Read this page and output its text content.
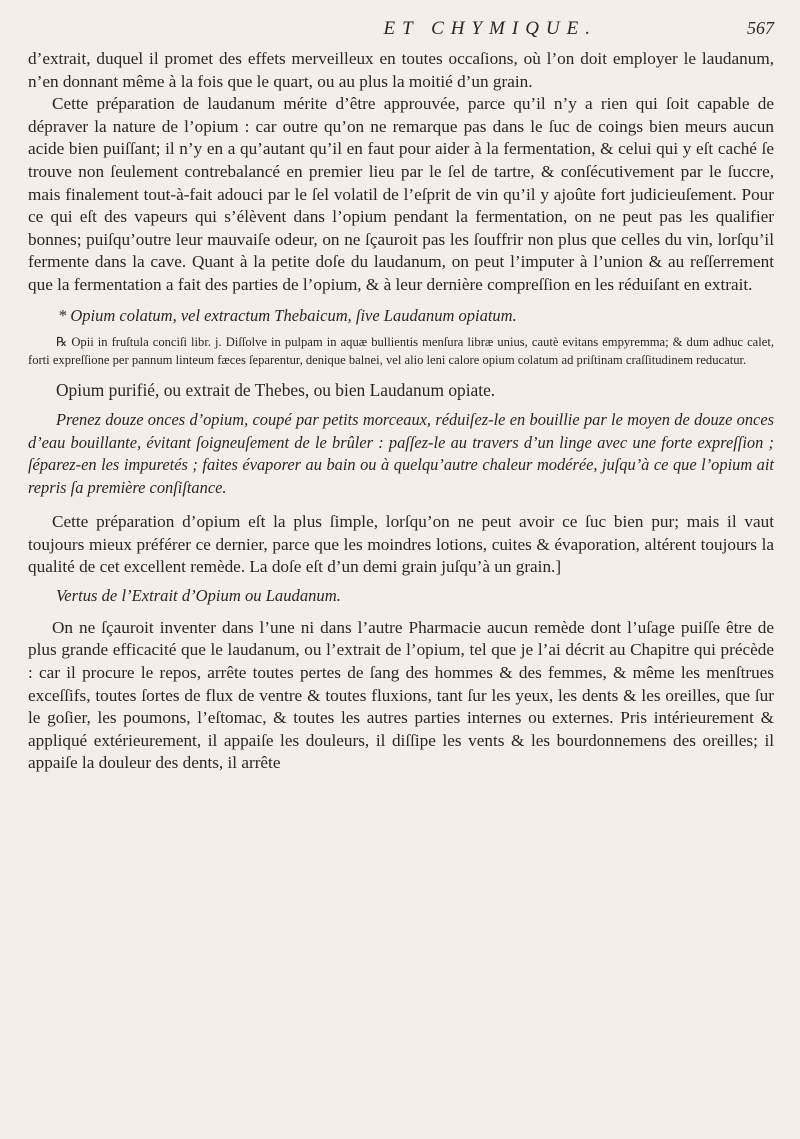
ET CHYMIQUE.	567

d’extrait, duquel il promet des effets merveilleux en toutes occaſions, où l’on doit employer le laudanum, n’en donnant même à la fois que le quart, ou au plus la moitié d’un grain.

Cette préparation de laudanum mérite d’être approuvée, parce qu’il n’y a rien qui ſoit capable de dépraver la nature de l’opium : car outre qu’on ne remarque pas dans le ſuc de coings bien meurs aucun acide bien puiſſant; il n’y en a qu’autant qu’il en faut pour aider à la fermentation, & celui qui y eſt caché ſe trouve non ſeulement contrebalancé en premier lieu par le ſel de tartre, & conſécutivement par le ſuccre, mais finalement tout-à-fait adouci par le ſel volatil de l’eſprit de vin qu’il y ajoûte fort judicieuſement. Pour ce qui eſt des vapeurs qui s’élèvent dans l’opium pendant la fermentation, on ne peut pas les qualifier bonnes; puiſqu’outre leur mauvaiſe odeur, on ne ſçauroit pas les ſouffrir non plus que celles du vin, lorſqu’il fermente dans la cave. Quant à la petite doſe du laudanum, on peut l’imputer à l’union & au reſſerrement que la fermentation a fait des parties de l’opium, & à leur dernière compreſſion en les réduiſant en extrait.

* Opium colatum, vel extractum Thebaicum, ſive Laudanum opiatum.

℞ Opii in fruſtula conciſi libr. j. Diſſolve in pulpam in aquæ bullientis menſura libræ unius, cautè evitans empyremma; & dum adhuc calet, forti expreſſione per pannum linteum fæces ſeparentur, denique balnei, vel alio leni calore opium colatum ad priſtinam craſſitudinem reducatur.

Opium purifié, ou extrait de Thebes, ou bien Laudanum opiate.

Prenez douze onces d’opium, coupé par petits morceaux, réduiſez-le en bouillie par le moyen de douze onces d’eau bouillante, évitant ſoigneuſement de le brûler : paſſez-le au travers d’un linge avec une forte expreſſion ; ſéparez-en les impuretés ; faites évaporer au bain ou à quelqu’autre chaleur modérée, juſqu’à ce que l’opium ait repris ſa première conſiſtance.

Cette préparation d’opium eſt la plus ſimple, lorſqu’on ne peut avoir ce ſuc bien pur; mais il vaut toujours mieux préférer ce dernier, parce que les moindres lotions, cuites & évaporation, altérent toujours la qualité de cet excellent remède. La doſe eſt d’un demi grain juſqu’à un grain.]

Vertus de l’Extrait d’Opium ou Laudanum.

On ne ſçauroit inventer dans l’une ni dans l’autre Pharmacie aucun remède dont l’uſage puiſſe être de plus grande efficacité que le laudanum, ou l’extrait de l’opium, tel que je l’ai décrit au Chapitre qui précède : car il procure le repos, arrête toutes pertes de ſang des hommes & des femmes, & même les menſtrues exceſſifs, toutes ſortes de flux de ventre & toutes fluxions, tant ſur les yeux, les dents & les oreilles, que ſur le goſier, les poumons, l’eſtomac, & toutes les autres parties internes ou externes. Pris intérieurement & appliqué extérieurement, il appaiſe les douleurs, il diſſipe les vents & les bourdonnemens des oreilles; il appaiſe la douleur des dents, il arrête
